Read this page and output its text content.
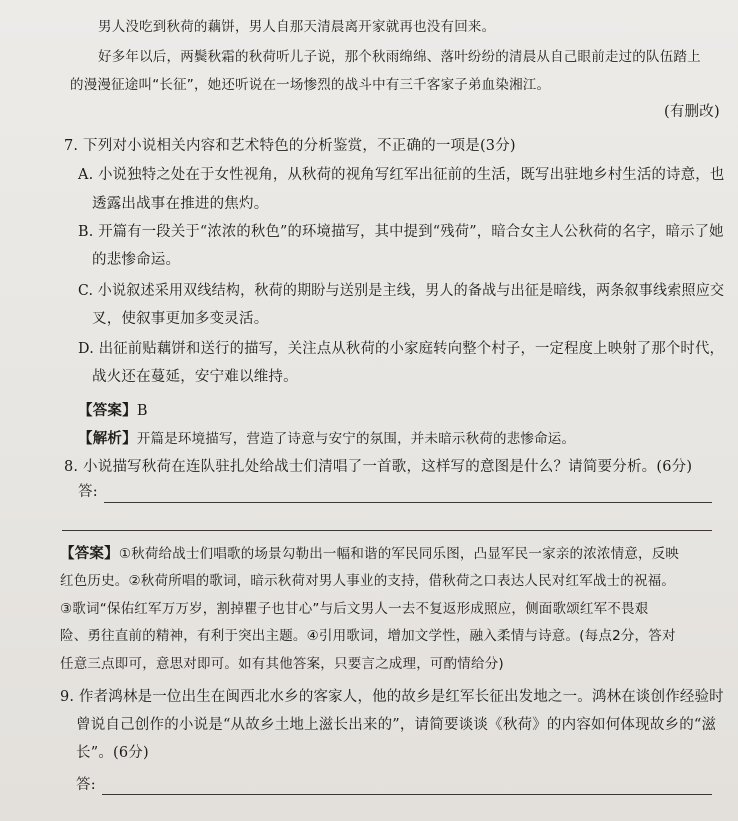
男人没吃到秋荷的藕饼，男人自那天清晨离开家就再也没有回来。
好多年以后，两鬓秋霜的秋荷听儿子说，那个秋雨绵绵、落叶纷纷的清晨从自己眼前走过的队伍踏上
的漫漫征途叫“长征”，她还听说在一场惨烈的战斗中有三千客家子弟血染湘江。
(有删改)
7. 下列对小说相关内容和艺术特色的分析鉴赏，不正确的一项是(3分)
A. 小说独特之处在于女性视角，从秋荷的视角写红军出征前的生活，既写出驻地乡村生活的诗意，也
透露出战事在推进的焦灼。
B. 开篇有一段关于“浓浓的秋色”的环境描写，其中提到“残荷”，暗合女主人公秋荷的名字，暗示了她
的悲惨命运。
C. 小说叙述采用双线结构，秋荷的期盼与送别是主线，男人的备战与出征是暗线，两条叙事线索照应交
叉，使叙事更加多变灵活。
D. 出征前贴藕饼和送行的描写，关注点从秋荷的小家庭转向整个村子，一定程度上映射了那个时代，
战火还在蔓延，安宁难以维持。
【答案】B
【解析】开篇是环境描写，营造了诗意与安宁的氛围，并未暗示秋荷的悲惨命运。
8. 小说描写秋荷在连队驻扎处给战士们清唱了一首歌，这样写的意图是什么？请简要分析。(6分)
答:
【答案】①秋荷给战士们唱歌的场景勾勒出一幅和谐的军民同乐图，凸显军民一家亲的浓浓情意，反映
红色历史。②秋荷所唱的歌词，暗示秋荷对男人事业的支持，借秋荷之口表达人民对红军战士的祝福。
③歌词“保佑红军万万岁，割掉瞿子也甘心”与后文男人一去不复返形成照应，侧面歌颂红军不畏艰
险、勇往直前的精神，有利于突出主题。④引用歌词，增加文学性，融入柔情与诗意。(每点2分，答对
任意三点即可，意思对即可。如有其他答案，只要言之成理，可酌情给分)
9. 作者鸿林是一位出生在闽西北水乡的客家人，他的故乡是红军长征出发地之一。鸿林在谈创作经验时
曾说自己创作的小说是“从故乡土地上滋长出来的”，请简要谈谈《秋荷》的内容如何体现故乡的“滋
长”。(6分)
答:
